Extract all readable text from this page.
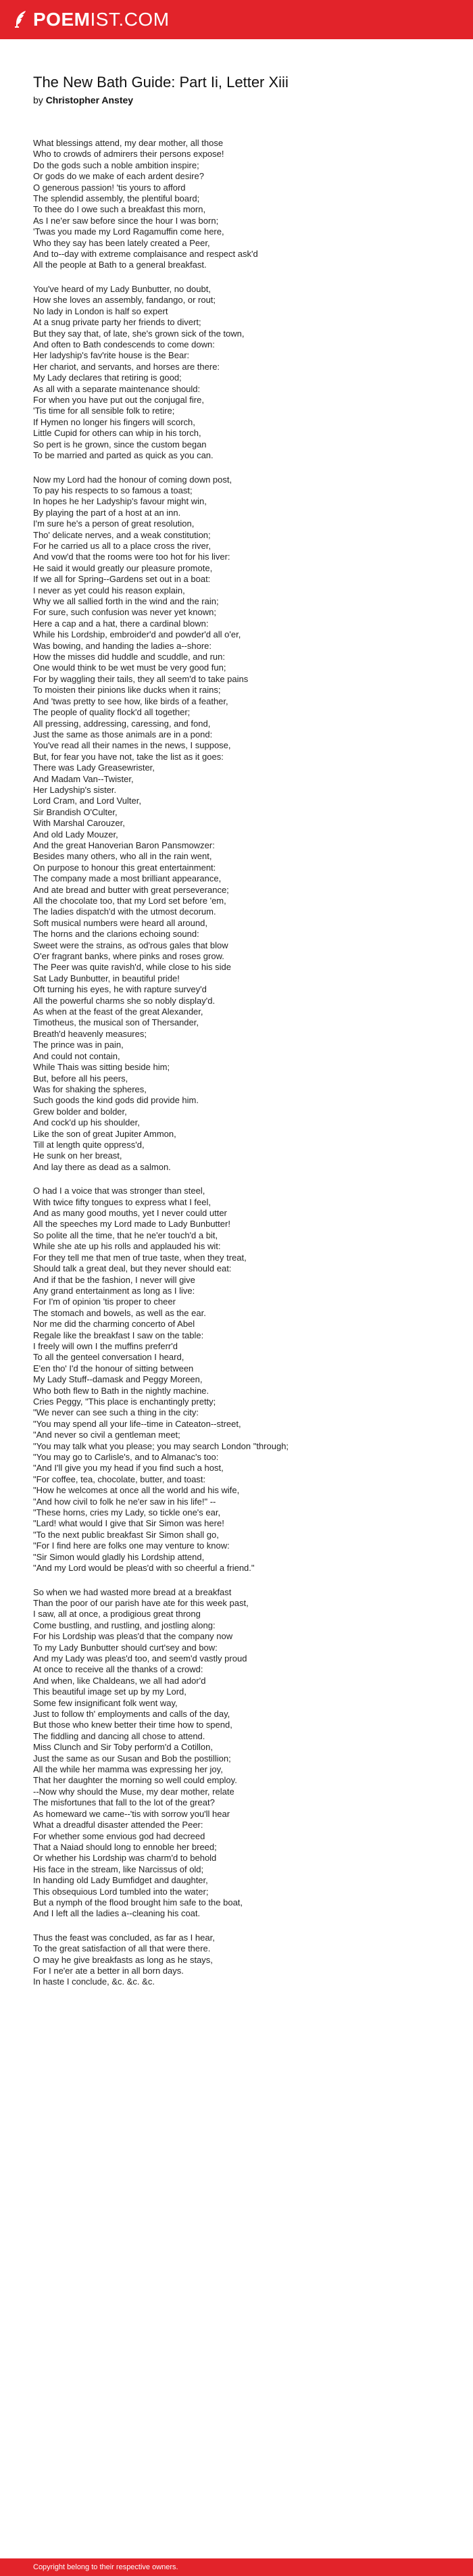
POEMIST.COM
The New Bath Guide: Part Ii, Letter Xiii
by Christopher Anstey
What blessings attend, my dear mother, all those
Who to crowds of admirers their persons expose!
Do the gods such a noble ambition inspire;
Or gods do we make of each ardent desire?
O generous passion! 'tis yours to afford
The splendid assembly, the plentiful board;
To thee do I owe such a breakfast this morn,
As I ne'er saw before since the hour I was born;
'Twas you made my Lord Ragamuffin come here,
Who they say has been lately created a Peer,
And to--day with extreme complaisance and respect ask'd
All the people at Bath to a general breakfast.
You've heard of my Lady Bunbutter, no doubt,
How she loves an assembly, fandango, or rout;
No lady in London is half so expert
At a snug private party her friends to divert;
But they say that, of late, she's grown sick of the town,
And often to Bath condescends to come down:
Her ladyship's fav'rite house is the Bear:
Her chariot, and servants, and horses are there:
My Lady declares that retiring is good;
As all with a separate maintenance should:
For when you have put out the conjugal fire,
'Tis time for all sensible folk to retire;
If Hymen no longer his fingers will scorch,
Little Cupid for others can whip in his torch,
So pert is he grown, since the custom began
To be married and parted as quick as you can.
Now my Lord had the honour of coming down post,
To pay his respects to so famous a toast;
In hopes he her Ladyship's favour might win,
By playing the part of a host at an inn.
I'm sure he's a person of great resolution,
Tho' delicate nerves, and a weak constitution;
For he carried us all to a place cross the river,
And vow'd that the rooms were too hot for his liver:
He said it would greatly our pleasure promote,
If we all for Spring--Gardens set out in a boat:
I never as yet could his reason explain,
Why we all sallied forth in the wind and the rain;
For sure, such confusion was never yet known;
Here a cap and a hat, there a cardinal blown:
While his Lordship, embroider'd and powder'd all o'er,
Was bowing, and handing the ladies a--shore:
How the misses did huddle and scuddle, and run:
One would think to be wet must be very good fun;
For by waggling their tails, they all seem'd to take pains
To moisten their pinions like ducks when it rains;
And 'twas pretty to see how, like birds of a feather,
The people of quality flock'd all together;
All pressing, addressing, caressing, and fond,
Just the same as those animals are in a pond:
You've read all their names in the news, I suppose,
But, for fear you have not, take the list as it goes:
There was Lady Greasewrister,
And Madam Van--Twister,
Her Ladyship's sister.
Lord Cram, and Lord Vulter,
Sir Brandish O'Culter,
With Marshal Carouzer,
And old Lady Mouzer,
And the great Hanoverian Baron Pansmowzer:
Besides many others, who all in the rain went,
On purpose to honour this great entertainment:
The company made a most brilliant appearance,
And ate bread and butter with great perseverance;
All the chocolate too, that my Lord set before 'em,
The ladies dispatch'd with the utmost decorum.
Soft musical numbers were heard all around,
The horns and the clarions echoing sound:
Sweet were the strains, as od'rous gales that blow
O'er fragrant banks, where pinks and roses grow.
The Peer was quite ravish'd, while close to his side
Sat Lady Bunbutter, in beautiful pride!
Oft turning his eyes, he with rapture survey'd
All the powerful charms she so nobly display'd.
As when at the feast of the great Alexander,
Timotheus, the musical son of Thersander,
Breath'd heavenly measures;
The prince was in pain,
And could not contain,
While Thais was sitting beside him;
But, before all his peers,
Was for shaking the spheres,
Such goods the kind gods did provide him.
Grew bolder and bolder,
And cock'd up his shoulder,
Like the son of great Jupiter Ammon,
Till at length quite oppress'd,
He sunk on her breast,
And lay there as dead as a salmon.
O had I a voice that was stronger than steel,
With twice fifty tongues to express what I feel,
And as many good mouths, yet I never could utter
All the speeches my Lord made to Lady Bunbutter!
So polite all the time, that he ne'er touch'd a bit,
While she ate up his rolls and applauded his wit:
For they tell me that men of true taste, when they treat,
Should talk a great deal, but they never should eat:
And if that be the fashion, I never will give
Any grand entertainment as long as I live:
For I'm of opinion 'tis proper to cheer
The stomach and bowels, as well as the ear.
Nor me did the charming concerto of Abel
Regale like the breakfast I saw on the table:
I freely will own I the muffins preferr'd
To all the genteel conversation I heard,
E'en tho' I'd the honour of sitting between
My Lady Stuff--damask and Peggy Moreen,
Who both flew to Bath in the nightly machine.
Cries Peggy, "This place is enchantingly pretty;
"We never can see such a thing in the city:
"You may spend all your life--time in Cateaton--street,
"And never so civil a gentleman meet;
"You may talk what you please; you may search London "through;
"You may go to Carlisle's, and to Almanac's too:
"And I'll give you my head if you find such a host,
"For coffee, tea, chocolate, butter, and toast:
"How he welcomes at once all the world and his wife,
"And how civil to folk he ne'er saw in his life!" --
"These horns, cries my Lady, so tickle one's ear,
"Lard! what would I give that Sir Simon was here!
"To the next public breakfast Sir Simon shall go,
"For I find here are folks one may venture to know:
"Sir Simon would gladly his Lordship attend,
"And my Lord would be pleas'd with so cheerful a friend."
So when we had wasted more bread at a breakfast
Than the poor of our parish have ate for this week past,
I saw, all at once, a prodigious great throng
Come bustling, and rustling, and jostling along:
For his Lordship was pleas'd that the company now
To my Lady Bunbutter should curt'sey and bow:
And my Lady was pleas'd too, and seem'd vastly proud
At once to receive all the thanks of a crowd:
And when, like Chaldeans, we all had ador'd
This beautiful image set up by my Lord,
Some few insignificant folk went way,
Just to follow th' employments and calls of the day,
But those who knew better their time how to spend,
The fiddling and dancing all chose to attend.
Miss Clunch and Sir Toby perform'd a Cotillon,
Just the same as our Susan and Bob the postillion;
All the while her mamma was expressing her joy,
That her daughter the morning so well could employ.
--Now why should the Muse, my dear mother, relate
The misfortunes that fall to the lot of the great?
As homeward we came--'tis with sorrow you'll hear
What a dreadful disaster attended the Peer:
For whether some envious god had decreed
That a Naiad should long to ennoble her breed;
Or whether his Lordship was charm'd to behold
His face in the stream, like Narcissus of old;
In handing old Lady Bumfidget and daughter,
This obsequious Lord tumbled into the water;
But a nymph of the flood brought him safe to the boat,
And I left all the ladies a--cleaning his coat.
Thus the feast was concluded, as far as I hear,
To the great satisfaction of all that were there.
O may he give breakfasts as long as he stays,
For I ne'er ate a better in all born days.
In haste I conclude, &c. &c. &c.
Copyright belong to their respective owners.
